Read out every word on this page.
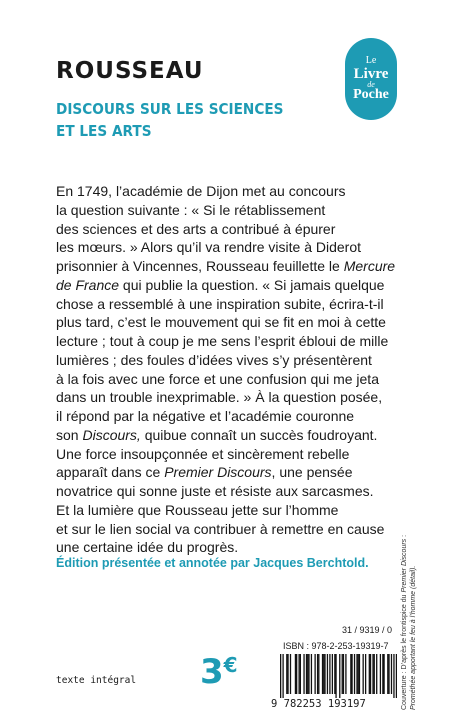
ROUSSEAU
DISCOURS SUR LES SCIENCES
ET LES ARTS
Le
Livre
de
Poche
En 1749, l’académie de Dijon met au concours
la question suivante : « Si le rétablissement
des sciences et des arts a contribué à épurer
les mœurs. » Alors qu’il va rendre visite à Diderot
prisonnier à Vincennes, Rousseau feuillette le Mercure
de France qui publie la question. « Si jamais quelque
chose a ressemblé à une inspiration subite, écrira-t-il
plus tard, c’est le mouvement qui se fit en moi à cette
lecture ; tout à coup je me sens l’esprit ébloui de mille
lumières ; des foules d’idées vives s’y présentèrent
à la fois avec une force et une confusion qui me jeta
dans un trouble inexprimable. » À la question posée,
il répond par la négative et l’académie couronne
son Discours, quibue connaît un succès foudroyant.
Une force insoupçonnée et sincèrement rebelle
apparaît dans ce Premier Discours, une pensée
novatrice qui sonne juste et résiste aux sarcasmes.
Et la lumière que Rousseau jette sur l’homme
et sur le lien social va contribuer à remettre en cause
une certaine idée du progrès.
Édition présentée et annotée par Jacques Berchtold.
Couverture : D’après le frontispice du Premier Discours :
Prométhée apportant le feu à l’homme (détail).
texte intégral 3€
31 / 9319 / 0
ISBN : 978-2-253-19319-7
9 782253 193197
